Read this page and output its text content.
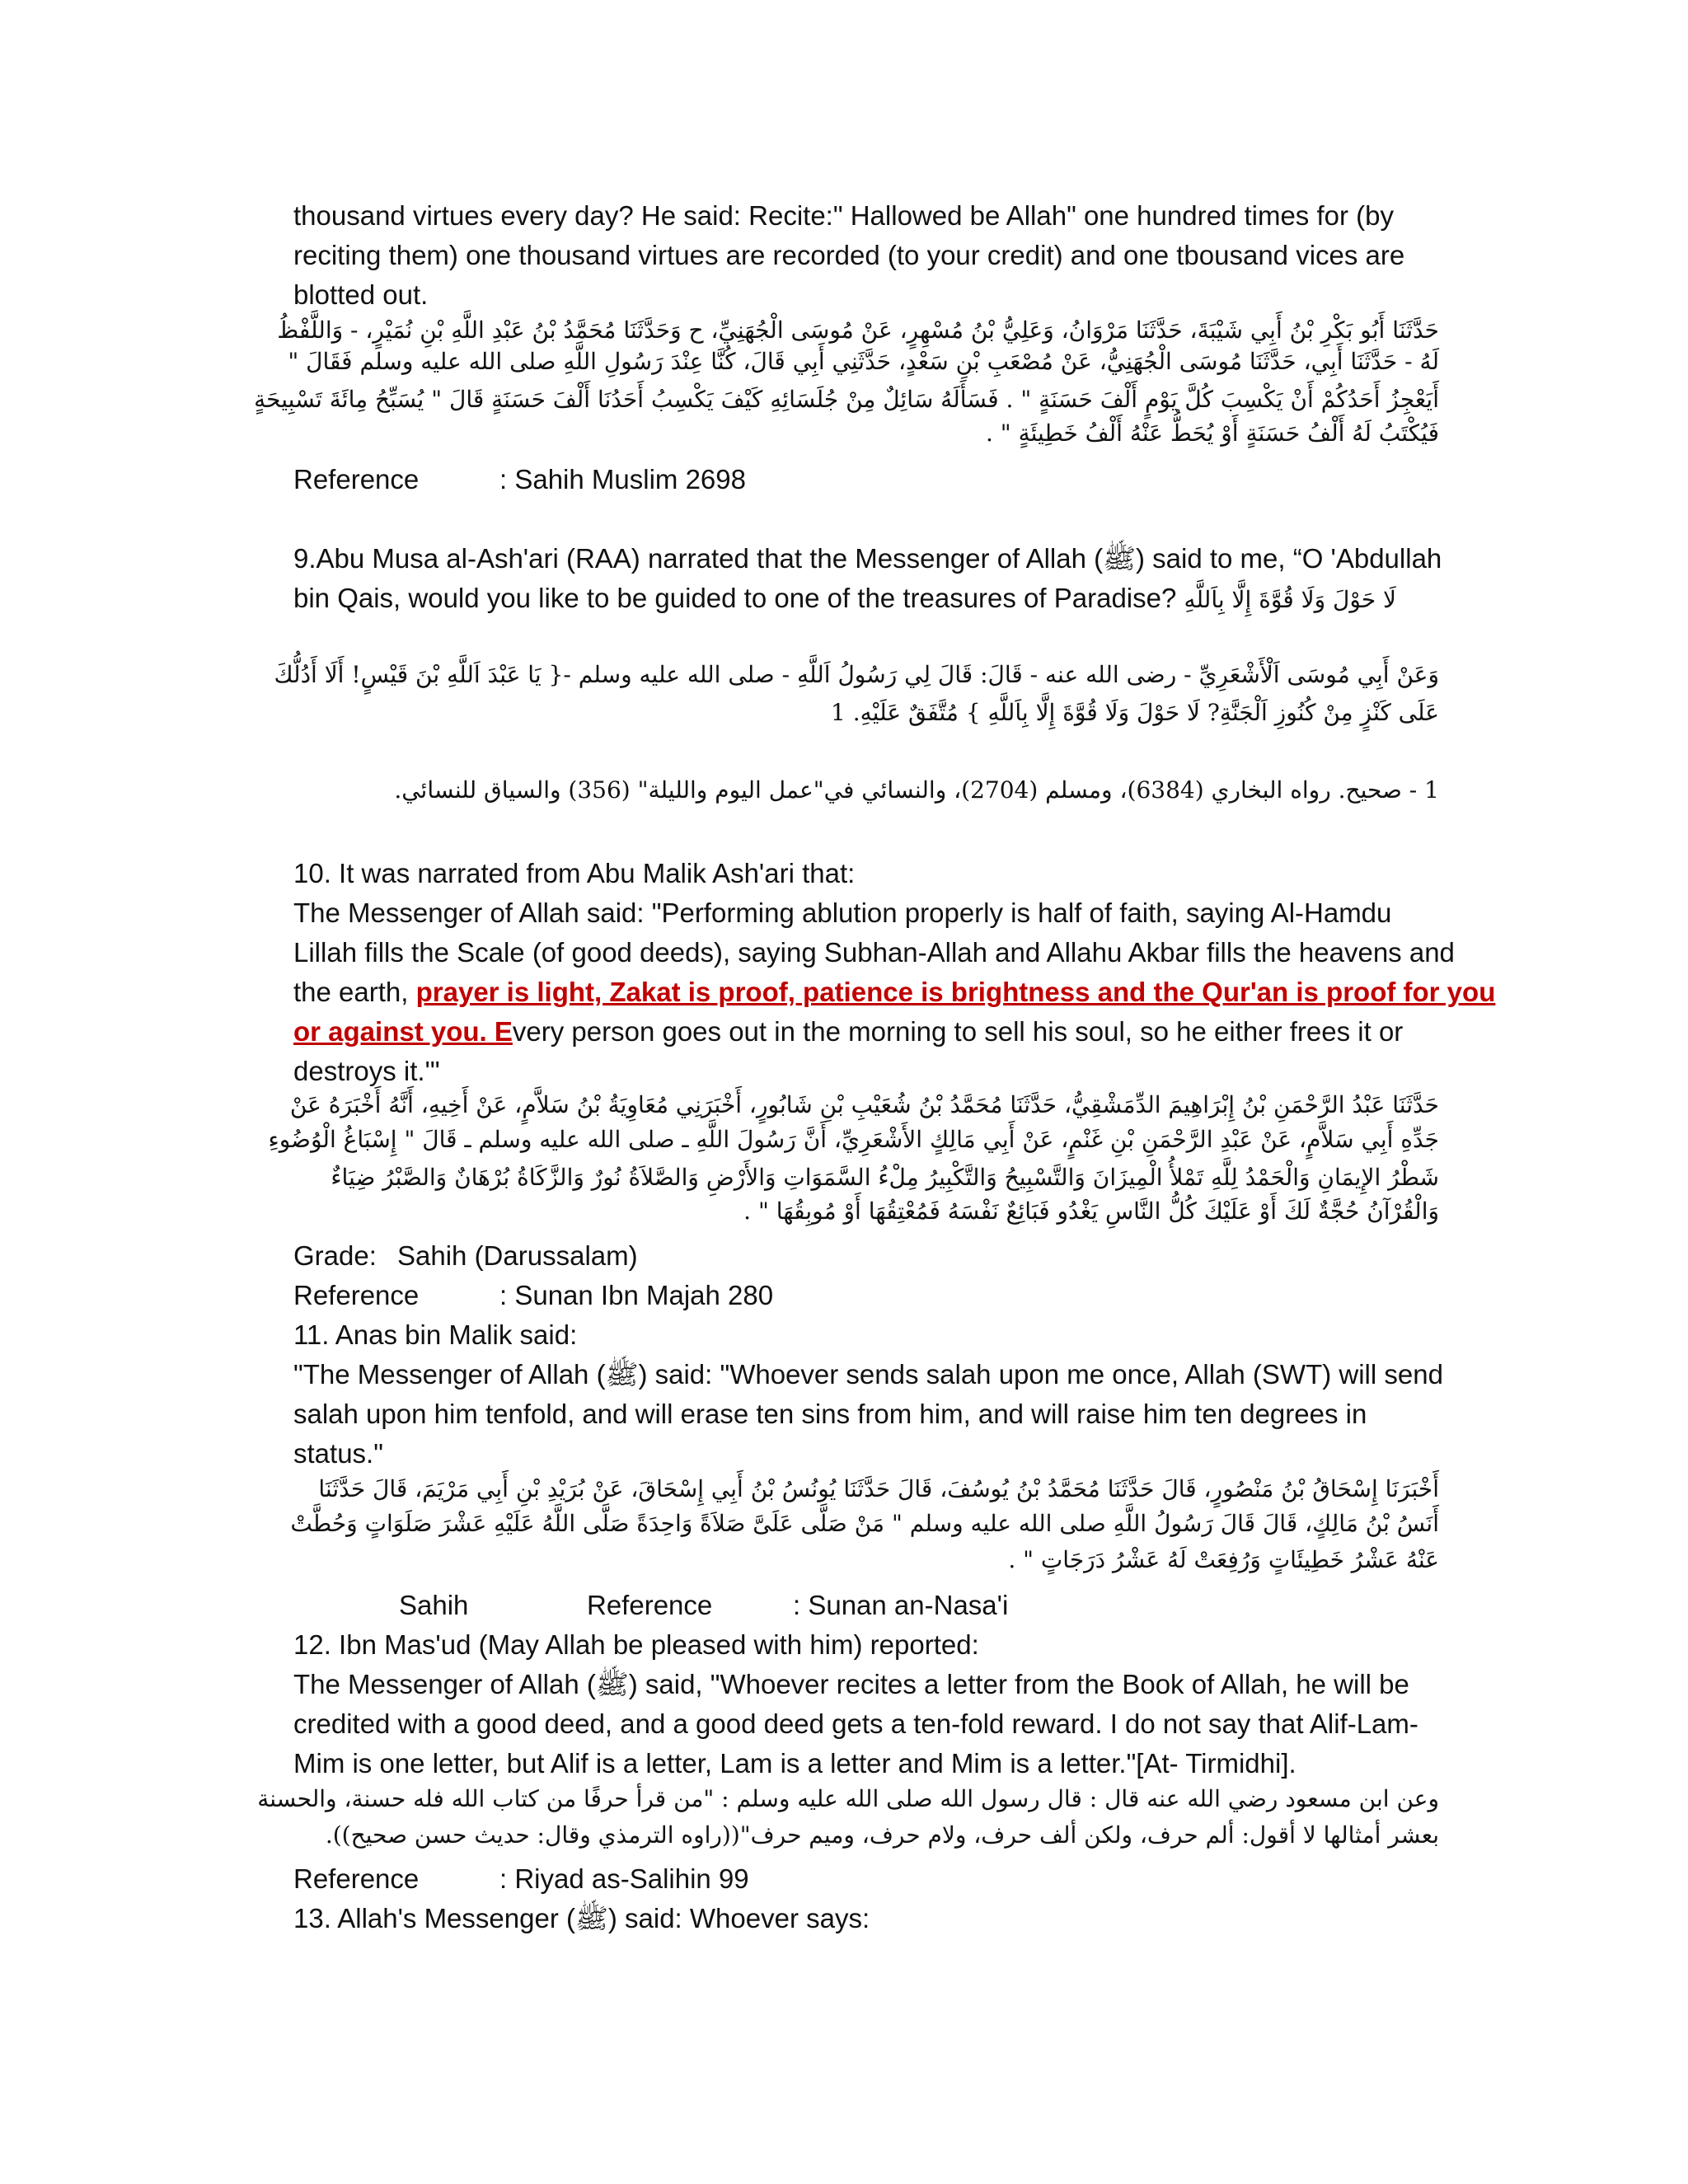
thousand virtues every day? He said: Recite:" Hallowed be Allah" one hundred times for (by
reciting them) one thousand virtues are recorded (to your credit) and one tbousand vices are
blotted out.
حَدَّثَنَا أَبُو بَكْرِ بْنُ أَبِي شَيْبَةَ، حَدَّثَنَا مَرْوَانُ، وَعَلِيُّ بْنُ مُسْهِرٍ، عَنْ مُوسَى الْجُهَنِيِّ، ح وَحَدَّثَنَا مُحَمَّدُ بْنُ عَبْدِ اللَّهِ بْنِ نُمَيْرٍ، - وَاللَّفْظُ
لَهُ - حَدَّثَنَا أَبِي، حَدَّثَنَا مُوسَى الْجُهَنِيُّ، عَنْ مُصْعَبِ بْنِ سَعْدٍ، حَدَّثَنِي أَبِي قَالَ، كُنَّا عِنْدَ رَسُولِ اللَّهِ صلى الله عليه وسلم فَقَالَ "
أَيَعْجِزُ أَحَدُكُمْ أَنْ يَكْسِبَ كُلَّ يَوْمٍ أَلْفَ حَسَنَةٍ " . فَسَأَلَهُ سَائِلٌ مِنْ جُلَسَائِهِ كَيْفَ يَكْسِبُ أَحَدُنَا أَلْفَ حَسَنَةٍ قَالَ " يُسَبِّحُ مِائَةَ تَسْبِيحَةٍ
فَيُكْتَبُ لَهُ أَلْفُ حَسَنَةٍ أَوْ يُحَطُّ عَنْهُ أَلْفُ خَطِيئَةٍ " .
Reference	: Sahih Muslim 2698
9.Abu Musa al-Ash'ari (RAA) narrated that the Messenger of Allah (ﷺ) said to me, “O 'Abdullah
bin Qais, would you like to be guided to one of the treasures of Paradise? لَا حَوْلَ وَلَا قُوَّةَ إِلَّا بِاَللَّهِ
وَعَنْ أَبِي مُوسَى اَلْأَشْعَرِيِّ - رضى الله عنه - قَالَ: قَالَ لِي رَسُولُ اَللَّهِ - صلى الله عليه وسلم -{ يَا عَبْدَ اَللَّهِ بْنَ قَيْسٍ! أَلَا أَدُلُّكَ
عَلَى كَنْزٍ مِنْ كُنُوزِ اَلْجَنَّةِ? لَا حَوْلَ وَلَا قُوَّةَ إِلَّا بِاَللَّهِ } مُتَّفَقٌ عَلَيْهِ. 1
1 - صحيح. رواه البخاري (6384)، ومسلم (2704)، والنسائي في"عمل اليوم والليلة" (356) والسياق للنسائي.
10. It was narrated from Abu Malik Ash'ari that:
The Messenger of Allah said: "Performing ablution properly is half of faith, saying Al-Hamdu
Lillah fills the Scale (of good deeds), saying Subhan-Allah and Allahu Akbar fills the heavens and
the earth, prayer is light, Zakat is proof, patience is brightness and the Qur'an is proof for you
or against you. Every person goes out in the morning to sell his soul, so he either frees it or
destroys it.'"
حَدَّثَنَا عَبْدُ الرَّحْمَنِ بْنُ إِبْرَاهِيمَ الدِّمَشْقِيُّ، حَدَّثَنَا مُحَمَّدُ بْنُ شُعَيْبِ بْنِ شَابُورٍ، أَخْبَرَنِي مُعَاوِيَةُ بْنُ سَلاَّمٍ، عَنْ أَخِيهِ، أَنَّهُ أَخْبَرَهُ عَنْ
جَدِّهِ أَبِي سَلاَّمٍ، عَنْ عَبْدِ الرَّحْمَنِ بْنِ غَنْمٍ، عَنْ أَبِي مَالِكٍ الأَشْعَرِيِّ، أَنَّ رَسُولَ اللَّهِ ـ صلى الله عليه وسلم ـ قَالَ " إِسْبَاغُ الْوُضُوءِ
شَطْرُ الإِيمَانِ وَالْحَمْدُ لِلَّهِ تَمْلأُ الْمِيزَانَ وَالتَّسْبِيحُ وَالتَّكْبِيرُ مِلْءُ السَّمَوَاتِ وَالأَرْضِ وَالصَّلاَةُ نُورٌ وَالزَّكَاةُ بُرْهَانٌ وَالصَّبْرُ ضِيَاءٌ
وَالْقُرْآنُ حُجَّةٌ لَكَ أَوْ عَلَيْكَ كُلُّ النَّاسِ يَغْدُو فَبَائِعٌ نَفْسَهُ فَمُعْتِقُهَا أَوْ مُوبِقُهَا " .
Grade: Sahih (Darussalam)
Reference	: Sunan Ibn Majah 280
11. Anas bin Malik said:
"The Messenger of Allah (ﷺ) said: "Whoever sends salah upon me once, Allah (SWT) will send
salah upon him tenfold, and will erase ten sins from him, and will raise him ten degrees in
status."
أَخْبَرَنَا إِسْحَاقُ بْنُ مَنْصُورٍ، قَالَ حَدَّثَنَا مُحَمَّدُ بْنُ يُوسُفَ، قَالَ حَدَّثَنَا يُونُسُ بْنُ أَبِي إِسْحَاقَ، عَنْ بُرَيْدِ بْنِ أَبِي مَرْيَمَ، قَالَ حَدَّثَنَا
أَنَسُ بْنُ مَالِكٍ، قَالَ قَالَ رَسُولُ اللَّهِ صلى الله عليه وسلم " مَنْ صَلَّى عَلَىَّ صَلاَةً وَاحِدَةً صَلَّى اللَّهُ عَلَيْهِ عَشْرَ صَلَوَاتٍ وَحُطَّتْ
عَنْهُ عَشْرُ خَطِيئَاتٍ وَرُفِعَتْ لَهُ عَشْرُ دَرَجَاتٍ " .
Sahih	Reference	: Sunan an-Nasa'i
12. Ibn Mas'ud (May Allah be pleased with him) reported:
The Messenger of Allah (ﷺ) said, "Whoever recites a letter from the Book of Allah, he will be
credited with a good deed, and a good deed gets a ten-fold reward. I do not say that Alif-Lam-
Mim is one letter, but Alif is a letter, Lam is a letter and Mim is a letter."[At- Tirmidhi].
وعن ابن مسعود رضي الله عنه قال : قال رسول الله صلى الله عليه وسلم : "من قرأ حرفًا من كتاب الله فله حسنة، والحسنة
بعشر أمثالها لا أقول: ألم حرف، ولكن ألف حرف، ولام حرف، وميم حرف"((راوه الترمذي وقال: حديث حسن صحيح)).
Reference	: Riyad as-Salihin 99
13. Allah's Messenger (ﷺ) said: Whoever says:
